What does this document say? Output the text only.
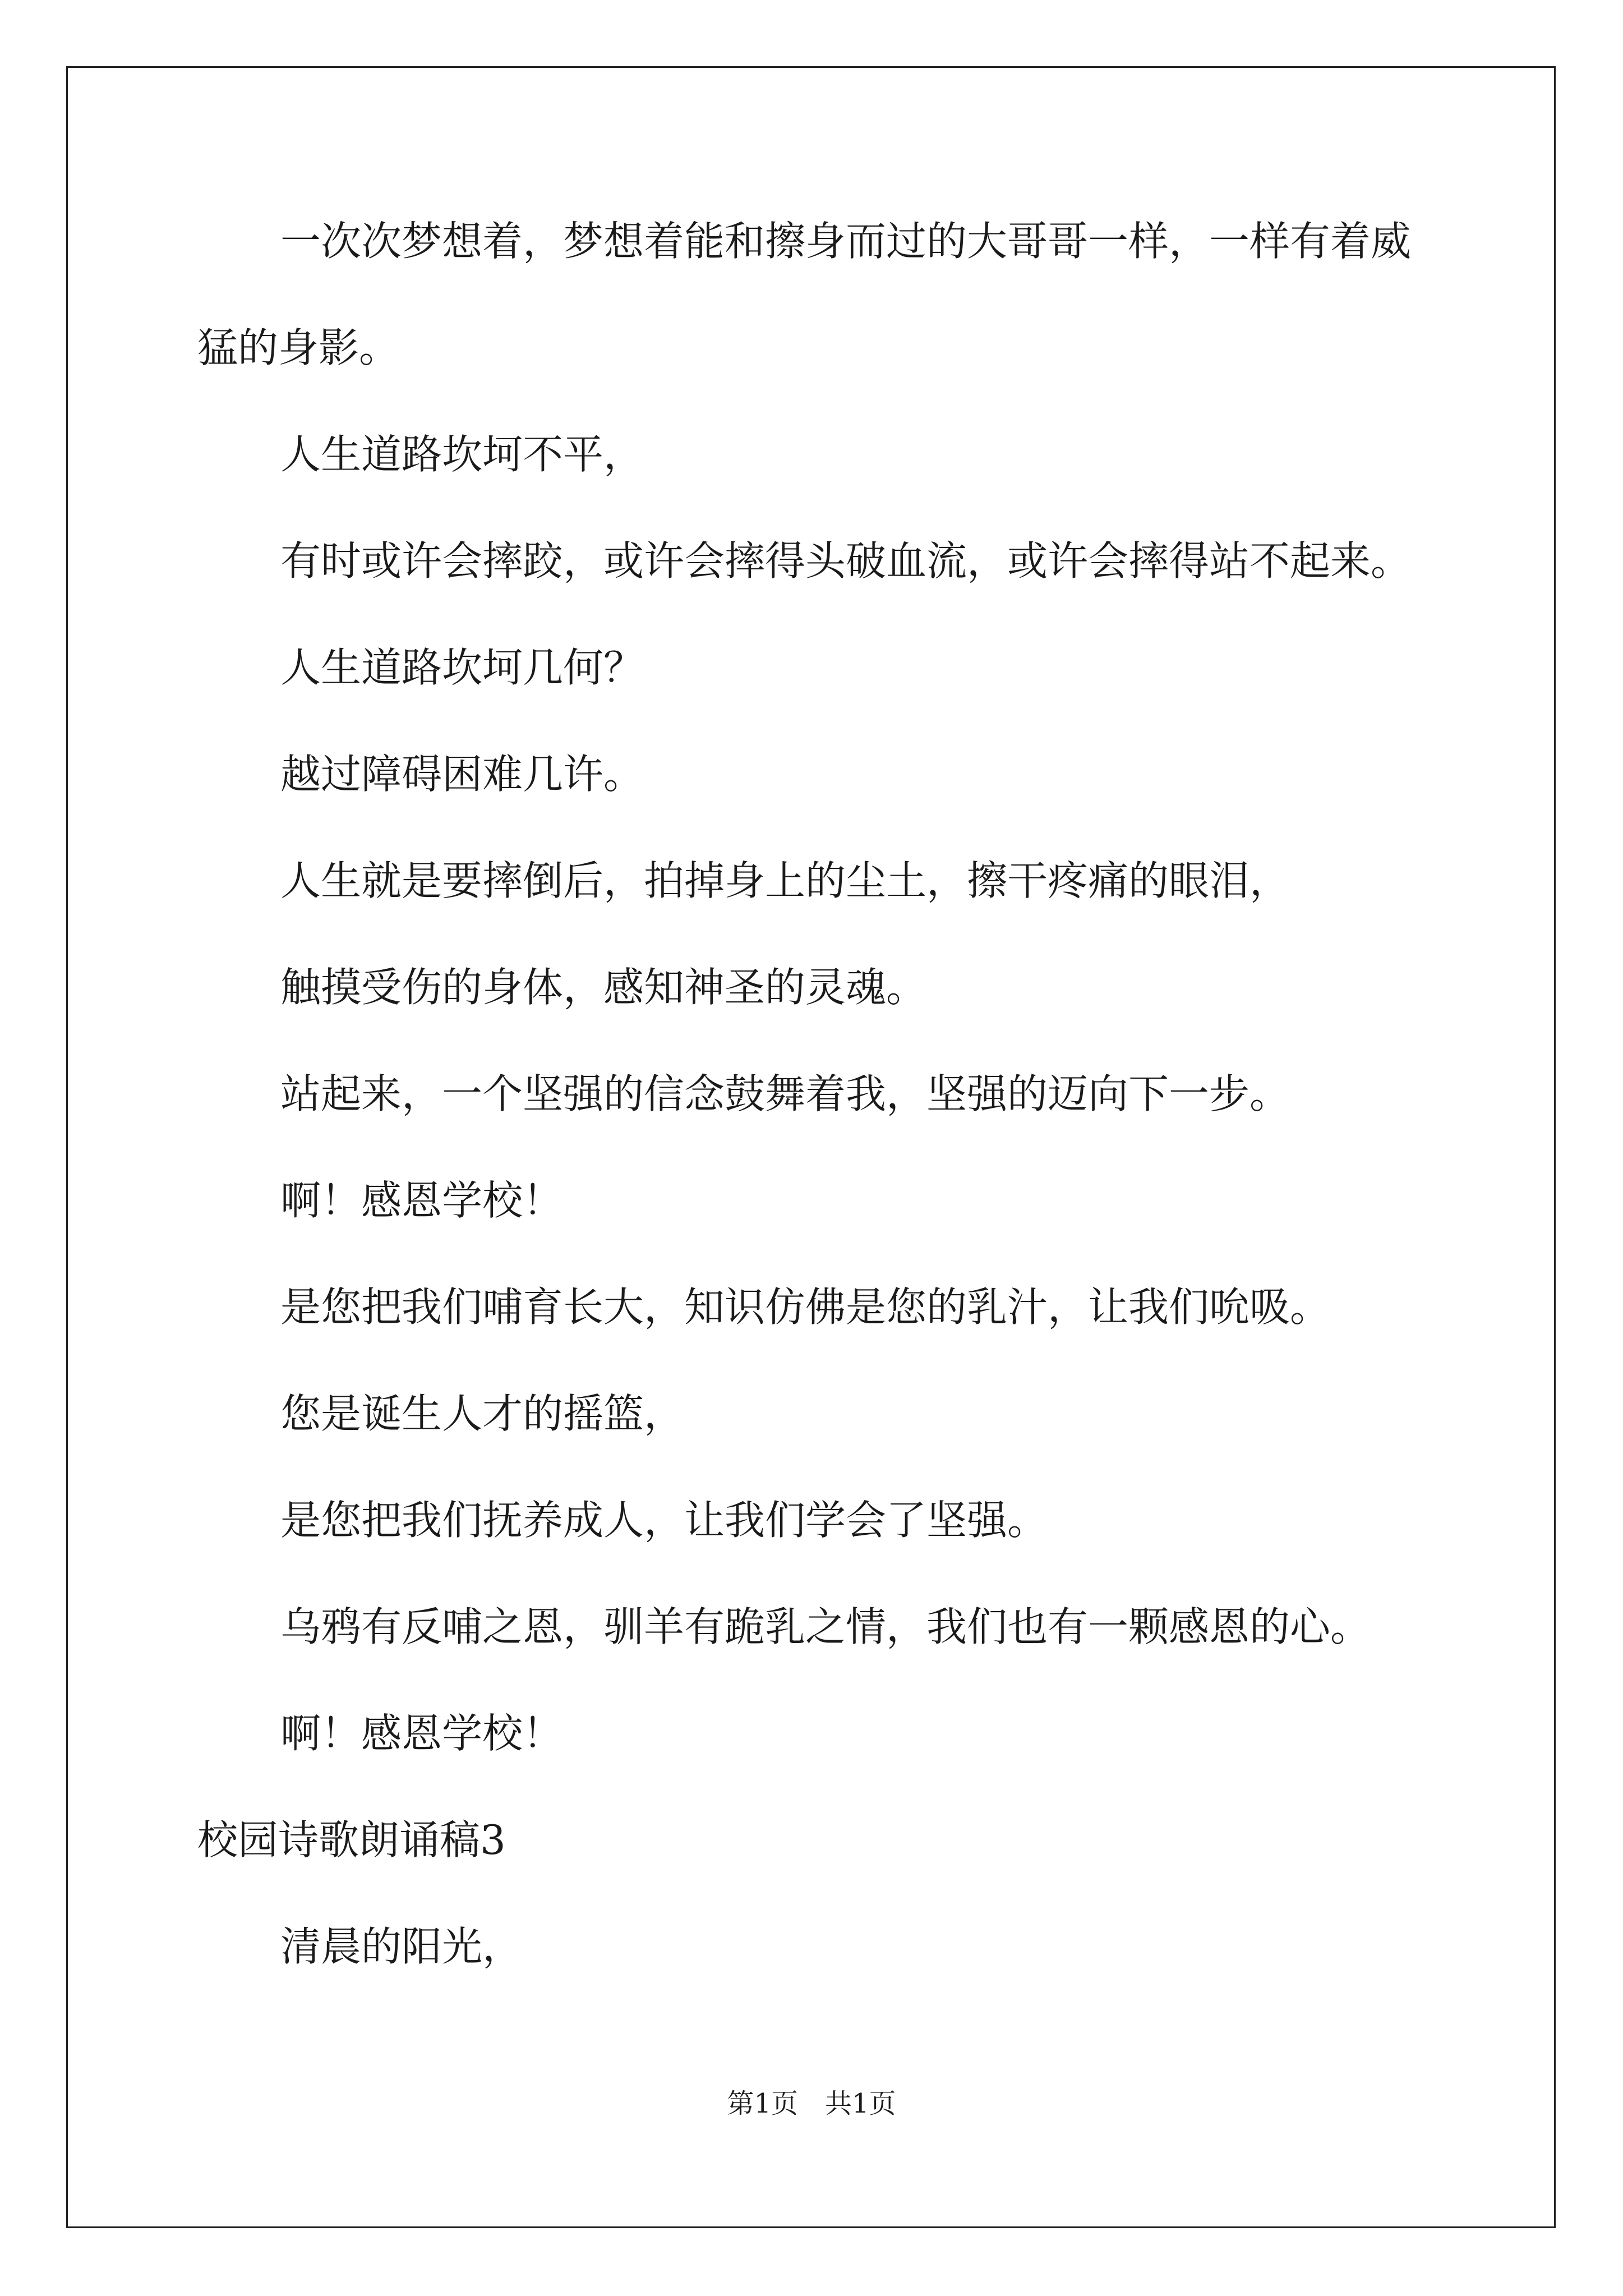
一次次梦想着，梦想着能和擦身而过的大哥哥一样，一样有着威
猛的身影。
人生道路坎坷不平，
有时或许会摔跤，或许会摔得头破血流，或许会摔得站不起来。
人生道路坎坷几何？
越过障碍困难几许。
人生就是要摔倒后，拍掉身上的尘土，擦干疼痛的眼泪，
触摸受伤的身体，感知神圣的灵魂。
站起来，一个坚强的信念鼓舞着我，坚强的迈向下一步。
啊！感恩学校！
是您把我们哺育长大，知识仿佛是您的乳汁，让我们吮吸。
您是诞生人才的摇篮，
是您把我们抚养成人，让我们学会了坚强。
乌鸦有反哺之恩，驯羊有跪乳之情，我们也有一颗感恩的心。
啊！感恩学校！
校园诗歌朗诵稿3
清晨的阳光，
第1页　共1页
